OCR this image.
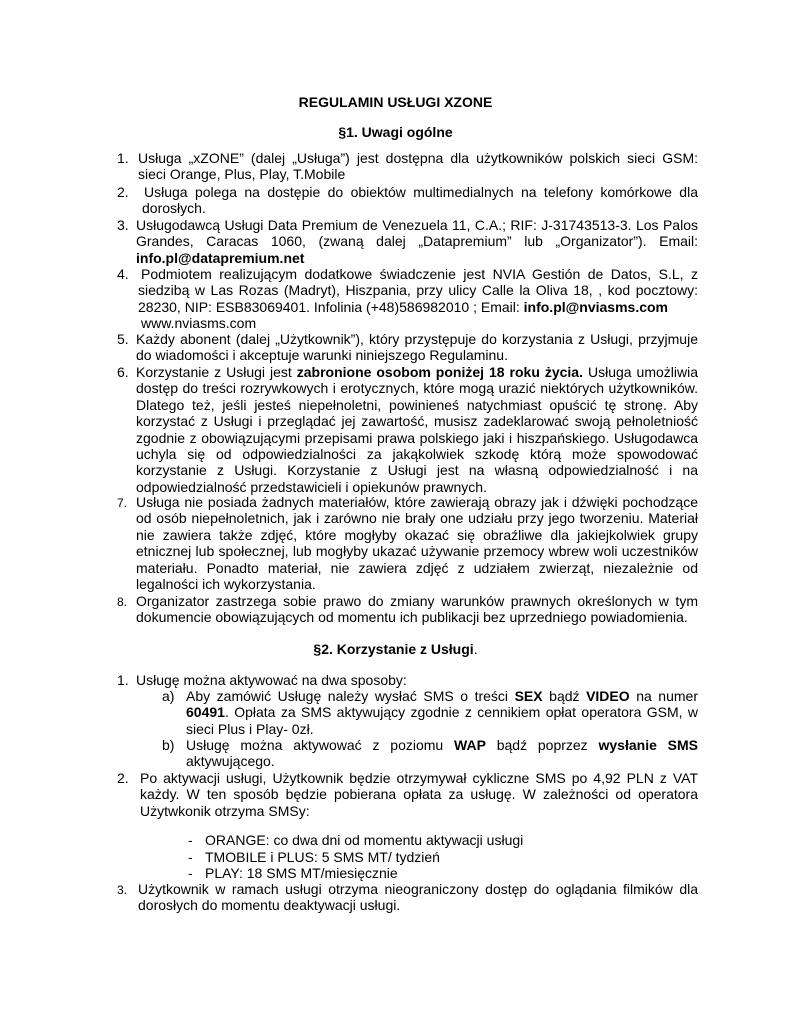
REGULAMIN USŁUGI XZONE
§1. Uwagi ogólne
1. Usługa „xZONE” (dalej „Usługa”) jest dostępna dla użytkowników polskich sieci GSM: sieci Orange, Plus, Play, T.Mobile
2. Usługa polega na dostępie do obiektów multimedialnych na telefony komórkowe dla dorosłych.
3. Usługodawcą Usługi Data Premium de Venezuela 11, C.A.; RIF: J-31743513-3. Los Palos Grandes, Caracas 1060, (zwaną dalej „Datapremium” lub „Organizator”). Email: info.pl@datapremium.net
4. Podmiotem realizującym dodatkowe świadczenie jest NVIA Gestión de Datos, S.L, z siedzibą w Las Rozas (Madryt), Hiszpania, przy ulicy Calle la Oliva 18, , kod pocztowy: 28230, NIP: ESB83069401. Infolinia (+48)586982010 ; Email: info.pl@nviasms.com
www.nviasms.com
5. Każdy abonent (dalej „Użytkownik”), który przystępuje do korzystania z Usługi, przyjmuje do wiadomości i akceptuje warunki niniejszego Regulaminu.
6. Korzystanie z Usługi jest zabronione osobom poniżej 18 roku życia. Usługa umożliwia dostęp do treści rozrywkowych i erotycznych, które mogą urazić niektórych użytkowników. Dlatego też, jeśli jesteś niepełnoletni, powinieneś natychmiast opuścić tę stronę. Aby korzystać z Usługi i przeglądać jej zawartość, musisz zadeklarować swoją pełnoletniość zgodnie z obowiązującymi przepisami prawa polskiego jaki i hiszpańskiego. Usługodawca uchyla się od odpowiedzialności za jakąkolwiek szkodę którą może spowodować korzystanie z Usługi. Korzystanie z Usługi jest na własną odpowiedzialność i na odpowiedzialność przedstawicieli i opiekunów prawnych.
7. Usługa nie posiada żadnych materiałów, które zawierają obrazy jak i dźwięki pochodzące od osób niepełnoletnich, jak i zarówno nie brały one udziału przy jego tworzeniu. Materiał nie zawiera także zdjęć, które mogłyby okazać się obraźliwe dla jakiejkolwiek grupy etnicznej lub społecznej, lub mogłyby ukazać używanie przemocy wbrew woli uczestników materiału. Ponadto materiał, nie zawiera zdjęć z udziałem zwierząt, niezależnie od legalności ich wykorzystania.
8. Organizator zastrzega sobie prawo do zmiany warunków prawnych określonych w tym dokumencie obowiązujących od momentu ich publikacji bez uprzedniego powiadomienia.
§2. Korzystanie z Usługi.
1. Usługę można aktywować na dwa sposoby:
a) Aby zamówić Usługę należy wysłać SMS o treści SEX bądź VIDEO na numer 60491. Opłata za SMS aktywujący zgodnie z cennikiem opłat operatora GSM, w sieci Plus i Play- 0zł.
b) Usługę można aktywować z poziomu WAP bądź poprzez wysłanie SMS
aktywującego.
2. Po aktywacji usługi, Użytkownik będzie otrzymywał cykliczne SMS po 4,92 PLN z VAT każdy. W ten sposób będzie pobierana opłata za usługę. W zależności od operatora Użytwkonik otrzyma SMSy:
- ORANGE: co dwa dni od momentu aktywacji usługi
- TMOBILE i PLUS: 5 SMS MT/ tydzień
- PLAY: 18 SMS MT/miesięcznie
3. Użytkownik w ramach usługi otrzyma nieograniczony dostęp do oglądania filmików dla dorosłych do momentu deaktywacji usługi.
